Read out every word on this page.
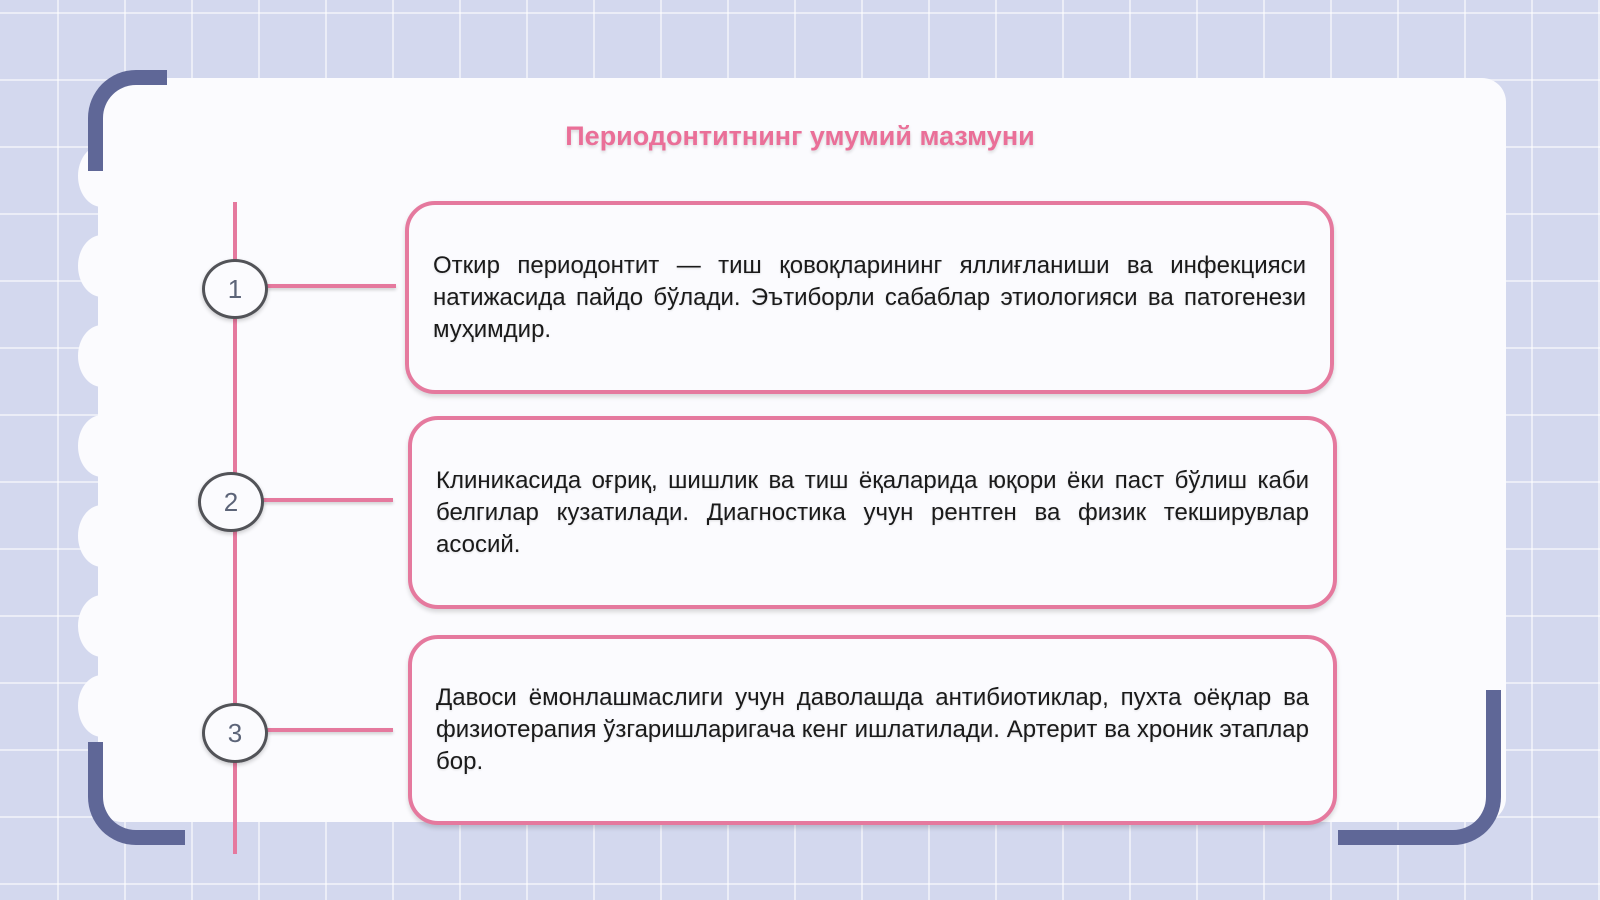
Периодонтитнинг умумий мазмуни
1

Откир периодонтит — тиш қовоқларининг яллиғланиши ва инфекцияси натижасида пайдо бўлади. Эътиборли сабаблар этиологияси ва патогенези муҳимдир.

2

Клиникасида оғриқ, шишлик ва тиш ёқаларида юқори ёки паст бўлиш каби белгилар кузатилади. Диагностика учун рентген ва физик текширувлар асосий.

3

Давоси ёмонлашмаслиги учун даволашда антибиотиклар, пухта оёқлар ва физиотерапия ўзгаришларигача кенг ишлатилади. Артерит ва хроник этаплар бор.
